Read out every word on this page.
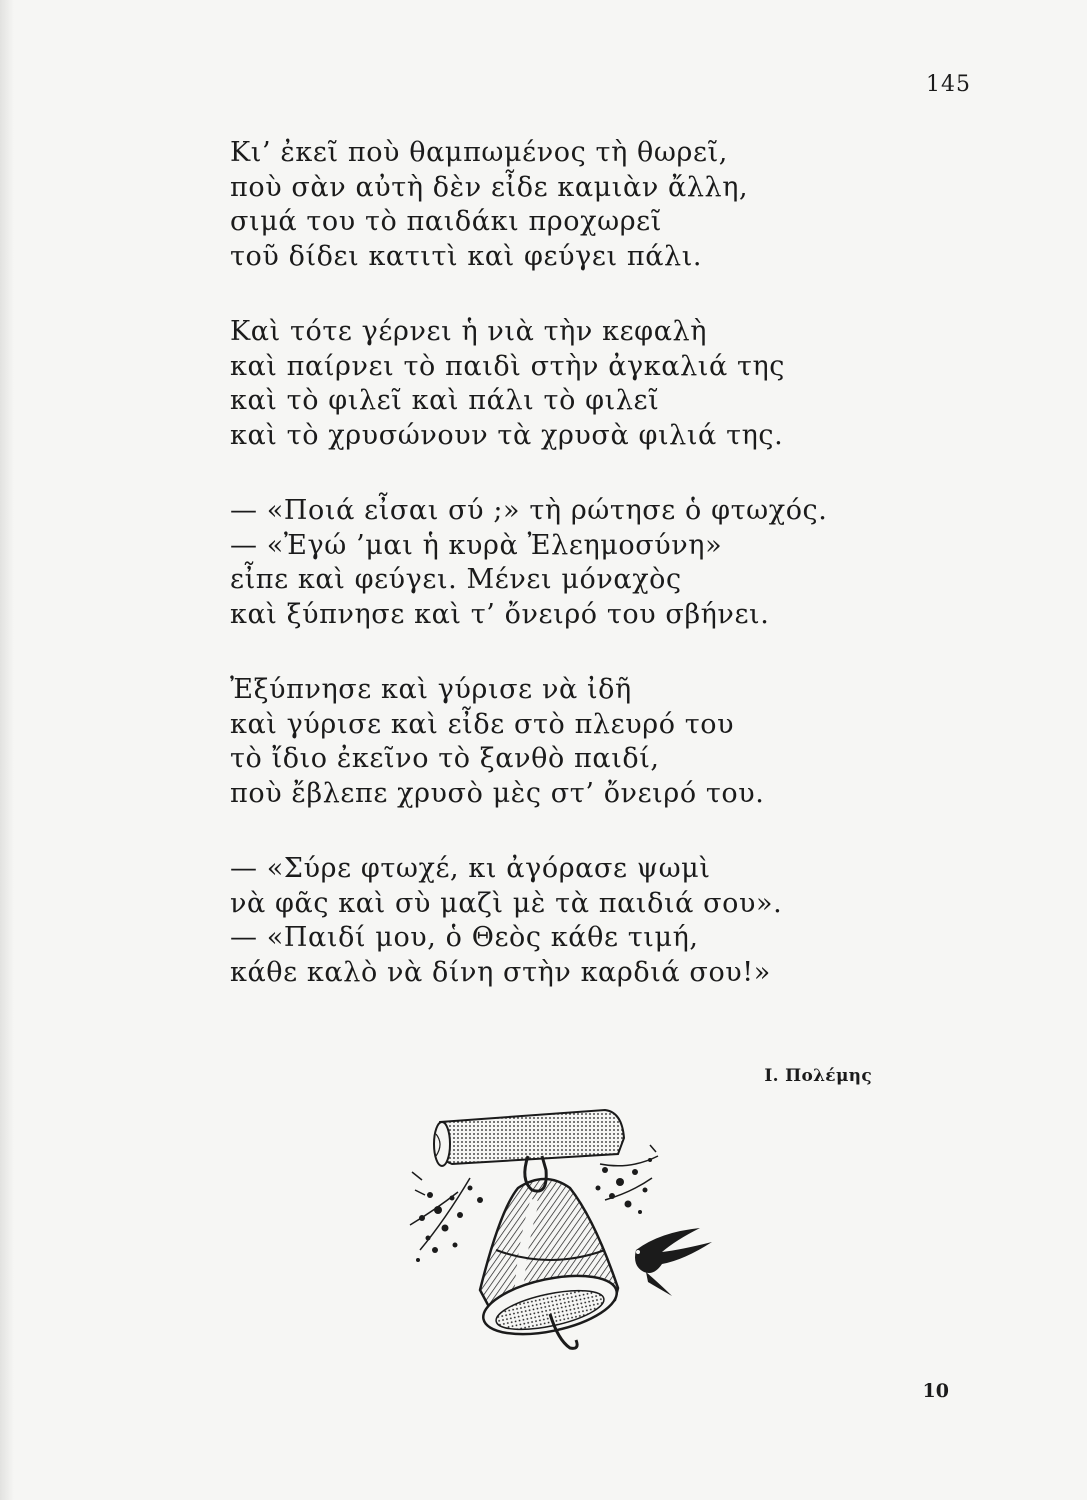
145
Κι’ ἐκεῖ ποὺ θαμπωμένος τὴ θωρεῖ,
ποὺ σὰν αὐτὴ δὲν εἶδε καμιὰν ἄλλη,
σιμά του τὸ παιδάκι προχωρεῖ
τοῦ δίδει κατιτὶ καὶ φεύγει πάλι.
Καὶ τότε γέρνει ἡ νιὰ τὴν κεφαλὴ
καὶ παίρνει τὸ παιδὶ στὴν ἀγκαλιά της
καὶ τὸ φιλεῖ καὶ πάλι τὸ φιλεῖ
καὶ τὸ χρυσώνουν τὰ χρυσὰ φιλιά της.
— «Ποιά εἶσαι σύ ;» τὴ ρώτησε ὁ φτωχός.
— «Ἐγώ ’μαι ἡ κυρὰ Ἐλεημοσύνη»
εἶπε καὶ φεύγει. Μένει μόναχὸς
καὶ ξύπνησε καὶ τ’ ὄνειρό του σβήνει.
Ἐξύπνησε καὶ γύρισε νὰ ἰδῆ
καὶ γύρισε καὶ εἶδε στὸ πλευρό του
τὸ ἴδιο ἐκεῖνο τὸ ξανθὸ παιδί,
ποὺ ἔβλεπε χρυσὸ μὲς στ’ ὄνειρό του.
— «Σύρε φτωχέ, κι ἀγόρασε ψωμὶ
νὰ φᾶς καὶ σὺ μαζὶ μὲ τὰ παιδιά σου».
— «Παιδί μου, ὁ Θεὸς κάθε τιμή,
κάθε καλὸ νὰ δίνη στὴν καρδιά σου!»
Ι. Πολέμης
10
